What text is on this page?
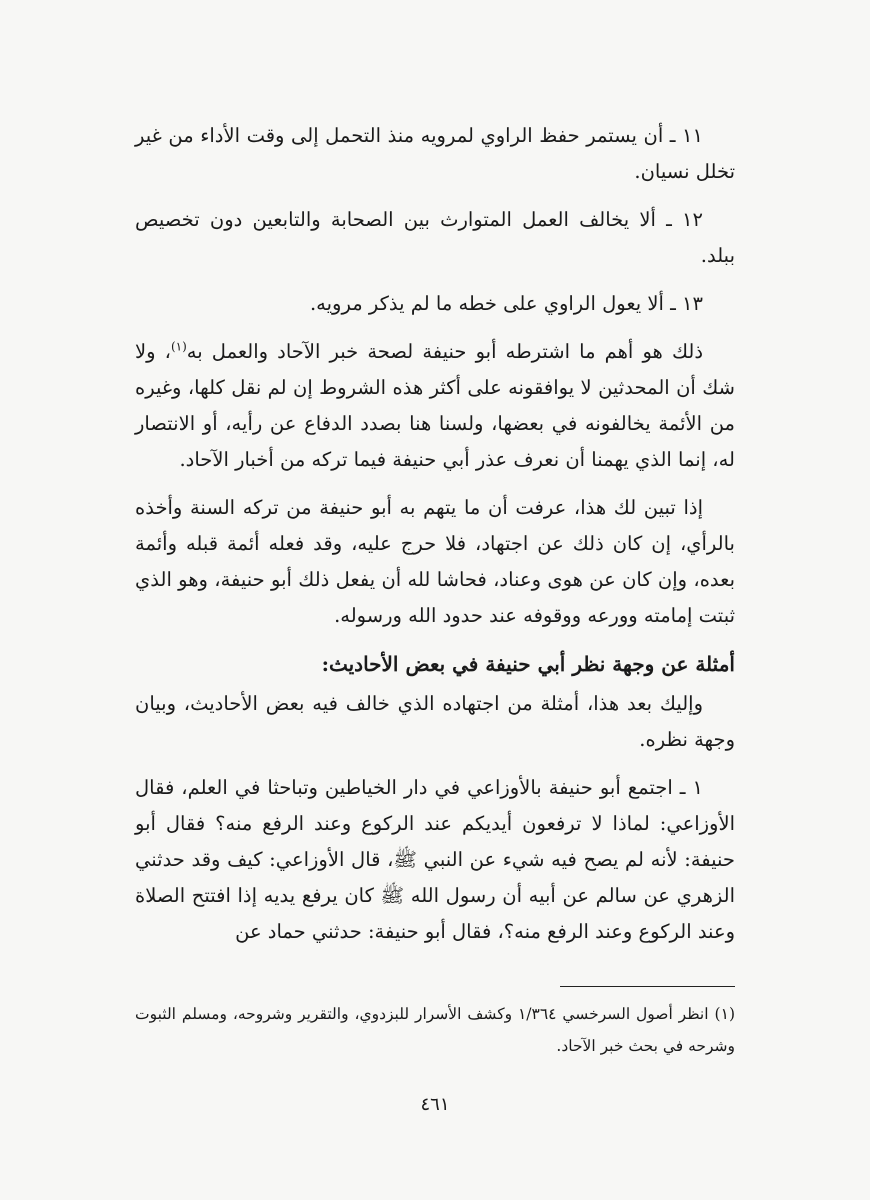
١١ ـ أن يستمر حفظ الراوي لمرويه منذ التحمل إلى وقت الأداء من غير تخلل نسيان.

١٢ ـ ألا يخالف العمل المتوارث بين الصحابة والتابعين دون تخصيص ببلد.

١٣ ـ ألا يعول الراوي على خطه ما لم يذكر مرويه.

ذلك هو أهم ما اشترطه أبو حنيفة لصحة خبر الآحاد والعمل به$^{(١)}$، ولا شك أن المحدثين لا يوافقونه على أكثر هذه الشروط إن لم نقل كلها، وغيره من الأئمة يخالفونه في بعضها، ولسنا هنا بصدد الدفاع عن رأيه، أو الانتصار له، إنما الذي يهمنا أن نعرف عذر أبي حنيفة فيما تركه من أخبار الآحاد.

إذا تبين لك هذا، عرفت أن ما يتهم به أبو حنيفة من تركه السنة وأخذه بالرأي، إن كان ذلك عن اجتهاد، فلا حرج عليه، وقد فعله أئمة قبله وأئمة بعده، وإن كان عن هوى وعناد، فحاشا لله أن يفعل ذلك أبو حنيفة، وهو الذي ثبتت إمامته وورعه ووقوفه عند حدود الله ورسوله.

أمثلة عن وجهة نظر أبي حنيفة في بعض الأحاديث:

وإليك بعد هذا، أمثلة من اجتهاده الذي خالف فيه بعض الأحاديث، وبيان وجهة نظره.

١ ـ اجتمع أبو حنيفة بالأوزاعي في دار الخياطين وتباحثا في العلم، فقال الأوزاعي: لماذا لا ترفعون أيديكم عند الركوع وعند الرفع منه؟ فقال أبو حنيفة: لأنه لم يصح فيه شيء عن النبي ﷺ، قال الأوزاعي: كيف وقد حدثني الزهري عن سالم عن أبيه أن رسول الله ﷺ كان يرفع يديه إذا افتتح الصلاة وعند الركوع وعند الرفع منه؟، فقال أبو حنيفة: حدثني حماد عن

(١)انظر أصول السرخسي ١/٣٦٤ وكشف الأسرار للبزدوي، والتقرير وشروحه، ومسلم الثبوت وشرحه في بحث خبر الآحاد.
٤٦١
